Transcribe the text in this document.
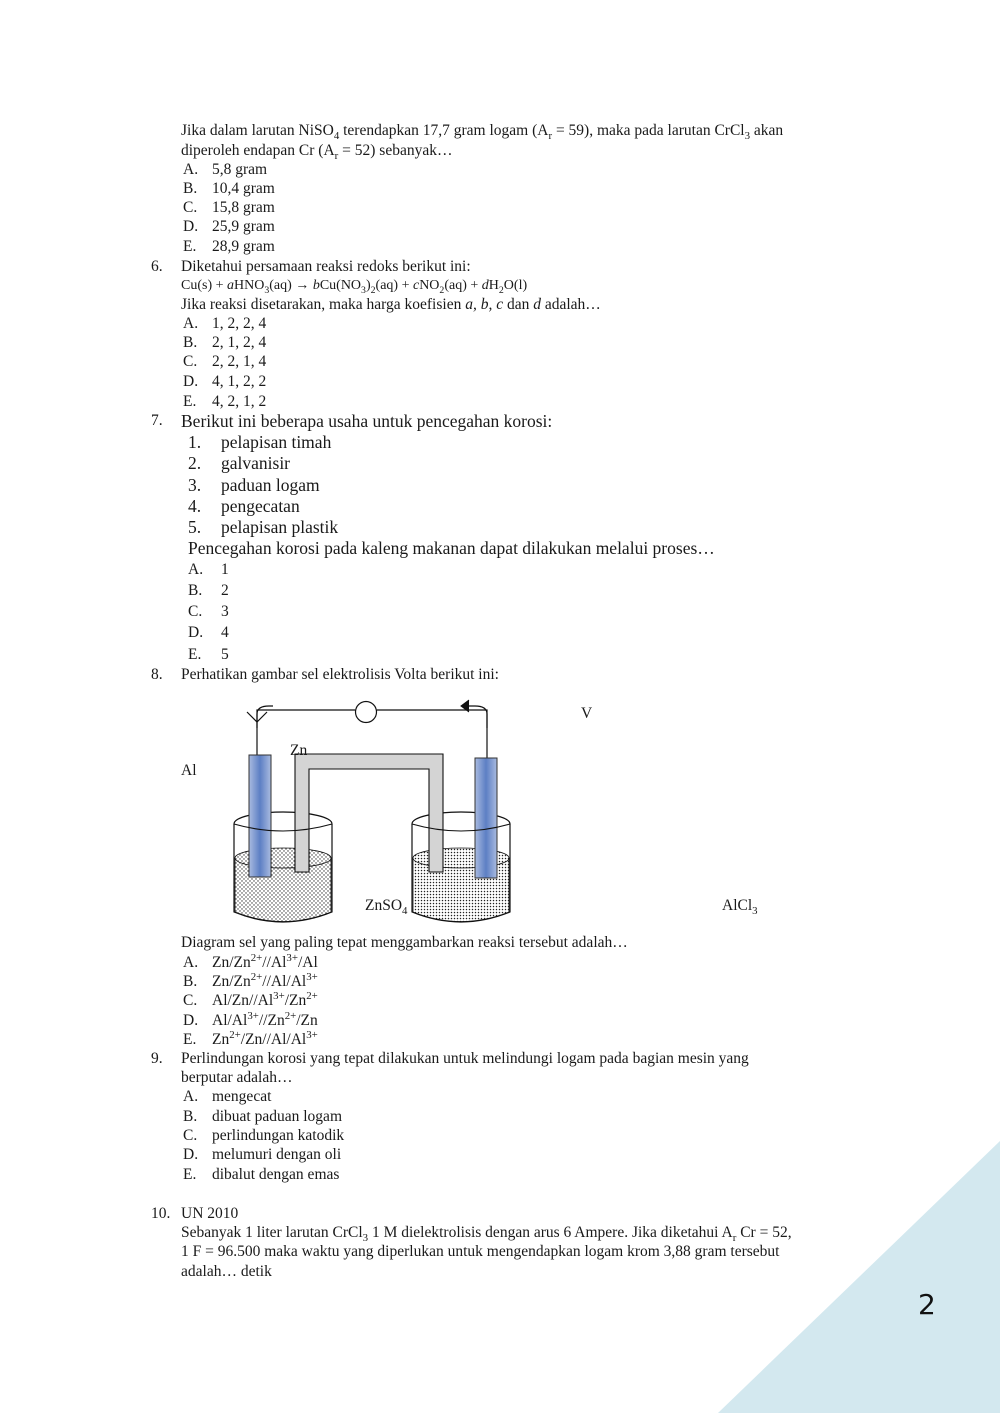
2
Jika dalam larutan NiSO$_4$ terendapkan 17,7 gram logam $(A_r = 59)$, maka pada larutan CrCl$_3$ akan
diperoleh endapan Cr $(A_r = 52)$ sebanyak…
A. 5,8 gram
B. 10,4 gram
C. 15,8 gram
D. 25,9 gram
E. 28,9 gram
6. Diketahui persamaan reaksi redoks berikut ini:
Cu(s) + aHNO$_3$(aq) → $bCu(NO_3)_2(aq) + cNO_2(aq) + dH_2O(l)$
Jika reaksi disetarakan, maka harga koefisien a, b, c dan d adalah…
A. 1, 2, 2, 4
B. 2, 1, 2, 4
C. 2, 2, 1, 4
D. 4, 1, 2, 2
E. 4, 2, 1, 2
7. Berikut ini beberapa usaha untuk pencegahan korosi:
1. pelapisan timah
2. galvanisir
3. paduan logam
4. pengecatan
5. pelapisan plastik
Pencegahan korosi pada kaleng makanan dapat dilakukan melalui proses…
A. 1
B. 2
C. 3
D. 4
E. 5
8. Perhatikan gambar sel elektrolisis Volta berikut ini:
V
Zn
Al
ZnSO$_4$	AlCl$_3$
Diagram sel yang paling tepat menggambarkan reaksi tersebut adalah…
A. $Zn/Zn^{2+}//Al^{3+}/Al$
B. $Zn/Zn^{2+}//Al/Al^{3+}$
C. $Al/Zn//Al^{3+}/Zn^{2+}$
D. $Al/Al^{3+}//Zn^{2+}/Zn$
E. $Zn^{2+}/Zn//Al/Al^{3+}$
9. Perlindungan korosi yang tepat dilakukan untuk melindungi logam pada bagian mesin yang
berputar adalah…
A. mengecat
B. dibuat paduan logam
C. perlindungan katodik
D. melumuri dengan oli
E. dibalut dengan emas
10. UN 2010
Sebanyak 1 liter larutan CrCl$_3$ 1 M dielektrolisis dengan arus 6 Ampere. Jika diketahui $A_r$ Cr = 52,
1 F = 96.500 maka waktu yang diperlukan untuk mengendapkan logam krom 3,88 gram tersebut
adalah… detik
